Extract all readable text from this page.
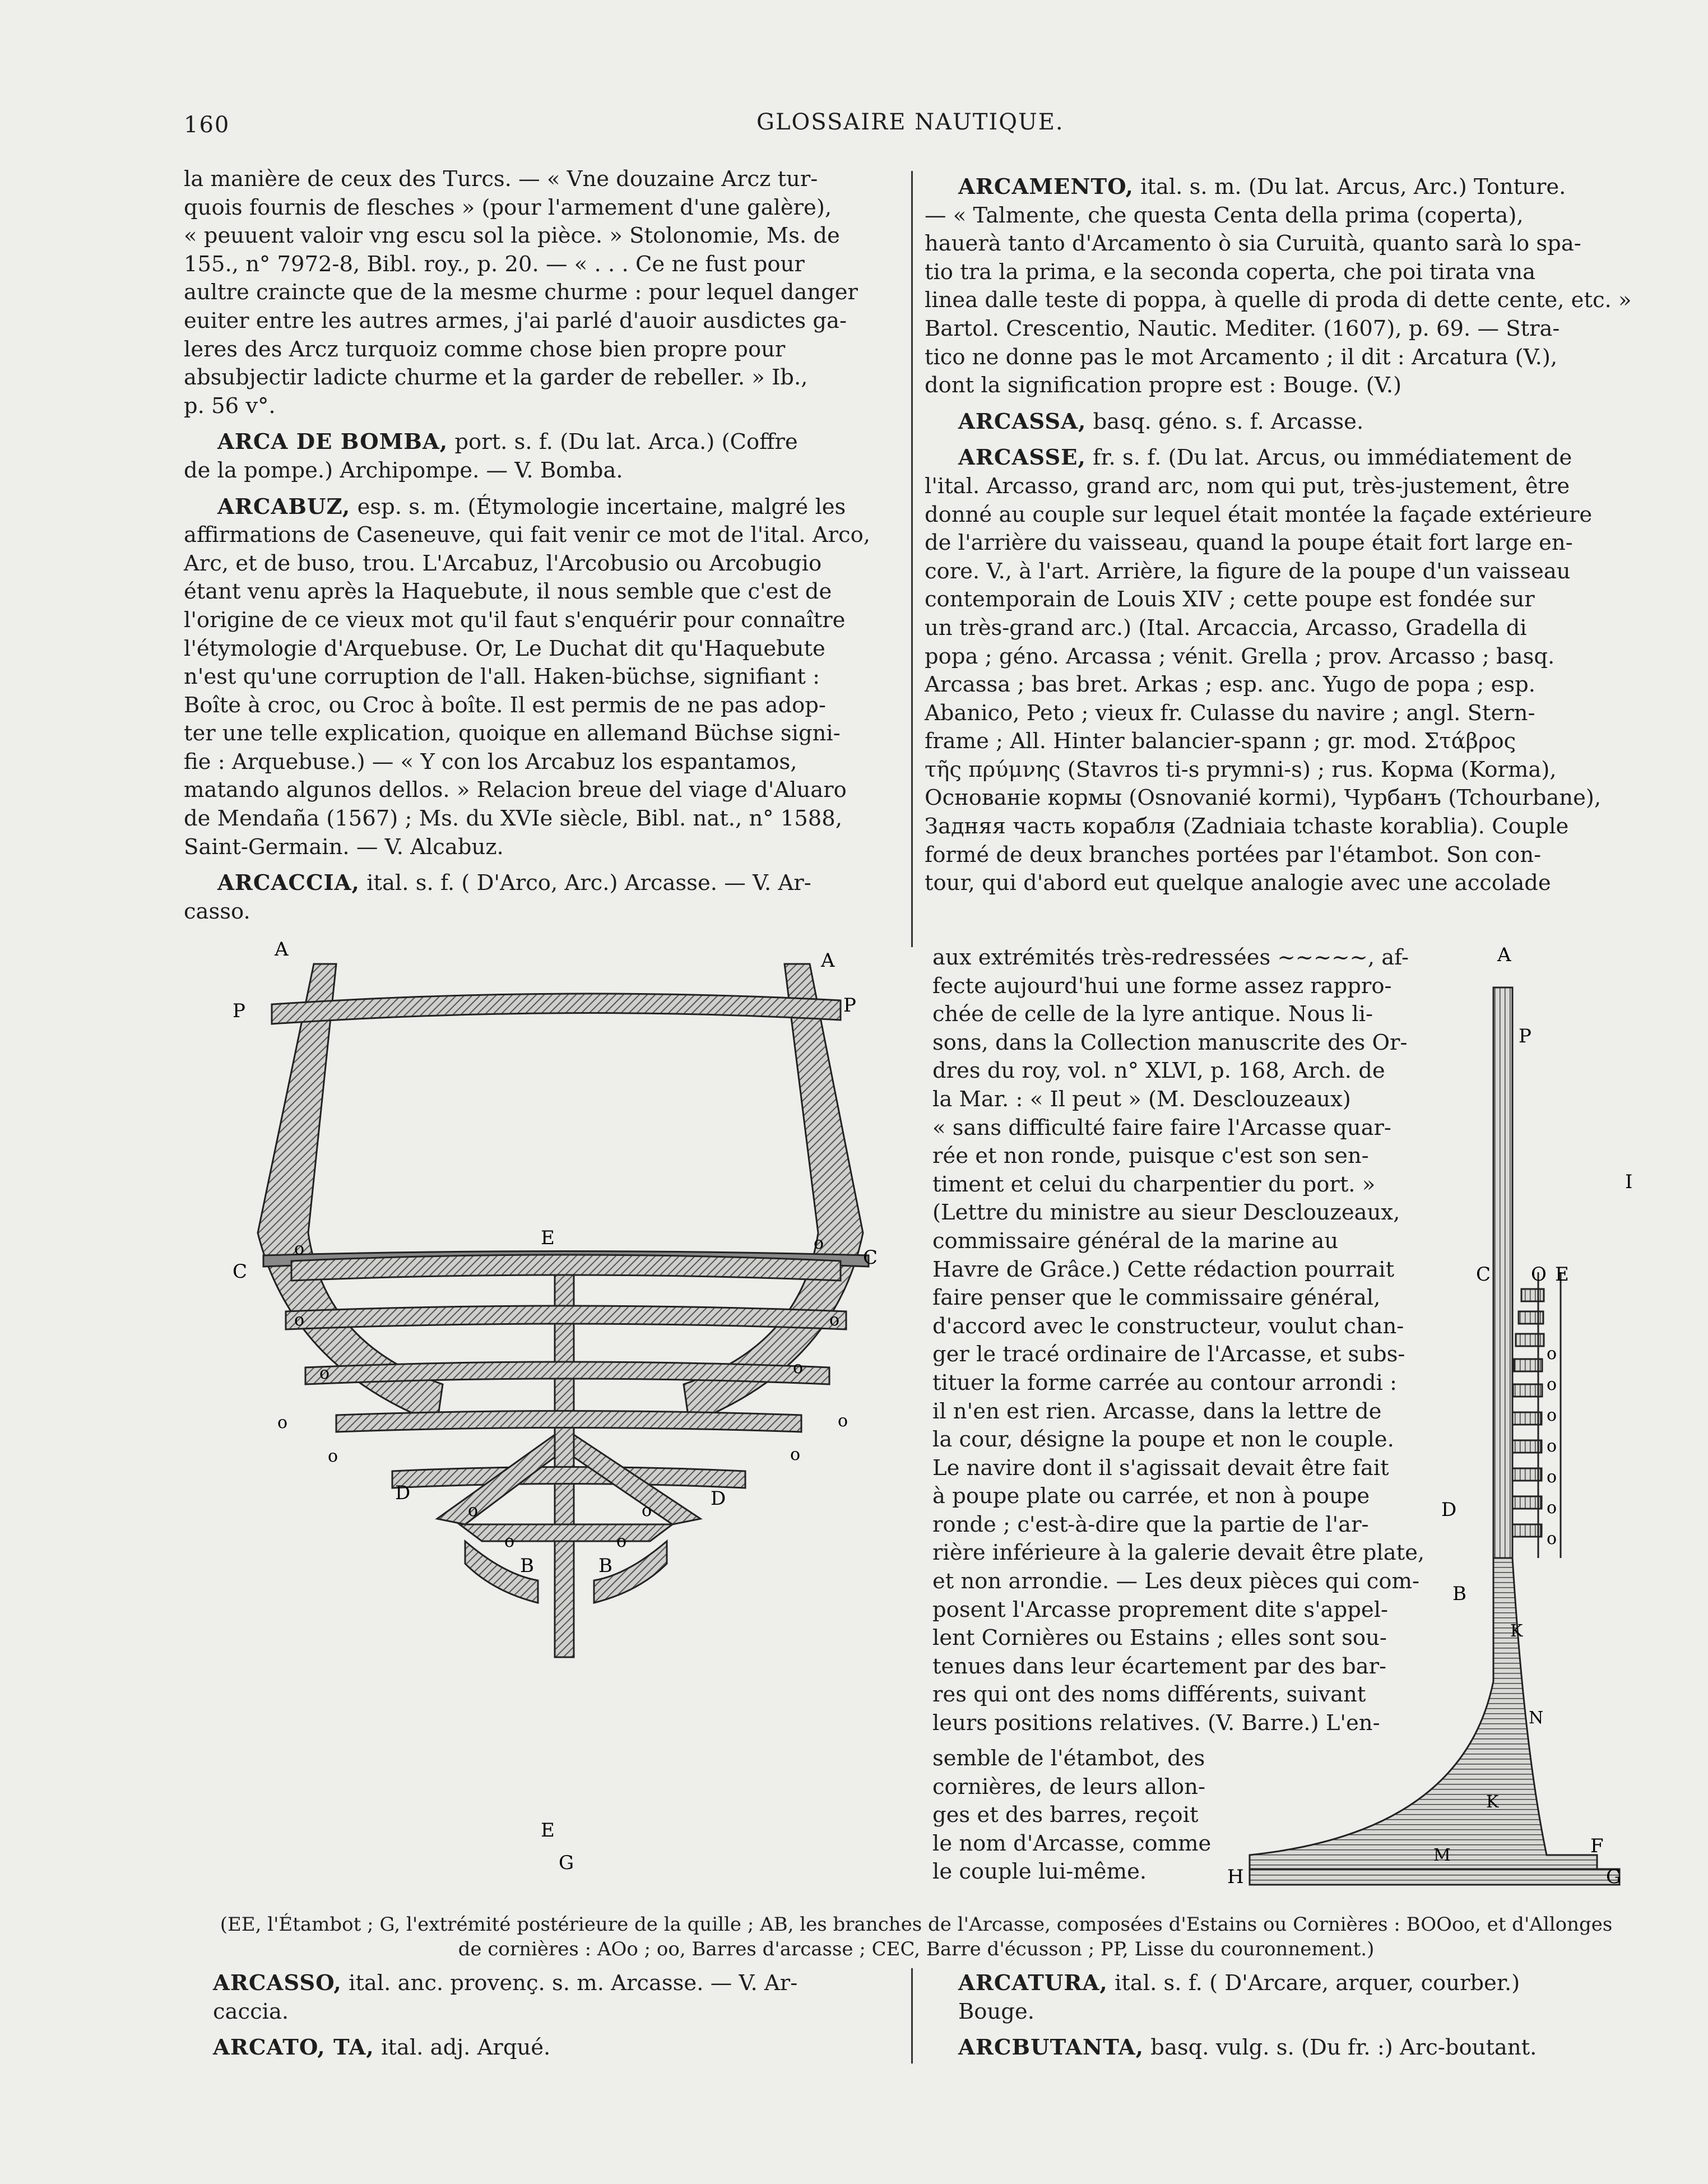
160	GLOSSAIRE NAUTIQUE.

la manière de ceux des Turcs. — « Vne douzaine Arcz tur-

quois fournis de flesches » (pour l'armement d'une galère),

« peuuent valoir vng escu sol la pièce. » Stolonomie, Ms. de

155., n° 7972-8, Bibl. roy., p. 20. — « . . . Ce ne fust pour

aultre craincte que de la mesme churme : pour lequel danger

euiter entre les autres armes, j'ai parlé d'auoir ausdictes ga-

leres des Arcz turquoiz comme chose bien propre pour

absubjectir ladicte churme et la garder de rebeller. » Ib.,

p. 56 v°.

ARCA DE BOMBA, port. s. f. (Du lat. Arca.) (Coffre

de la pompe.) Archipompe. — V. Bomba.

ARCABUZ, esp. s. m. (Étymologie incertaine, malgré les

affirmations de Caseneuve, qui fait venir ce mot de l'ital. Arco,

Arc, et de buso, trou. L'Arcabuz, l'Arcobusio ou Arcobugio

étant venu après la Haquebute, il nous semble que c'est de

l'origine de ce vieux mot qu'il faut s'enquérir pour connaître

l'étymologie d'Arquebuse. Or, Le Duchat dit qu'Haquebute

n'est qu'une corruption de l'all. Haken-büchse, signifiant :

Boîte à croc, ou Croc à boîte. Il est permis de ne pas adop-

ter une telle explication, quoique en allemand Büchse signi-

fie : Arquebuse.) — « Y con los Arcabuz los espantamos,

matando algunos dellos. » Relacion breue del viage d'Aluaro

de Mendaña (1567) ; Ms. du XVIe siècle, Bibl. nat., n° 1588,

Saint-Germain. — V. Alcabuz.

ARCACCIA, ital. s. f. ( D'Arco, Arc.) Arcasse. — V. Ar-

casso.

ARCAMENTO, ital. s. m. (Du lat. Arcus, Arc.) Tonture.

— « Talmente, che questa Centa della prima (coperta),

hauerà tanto d'Arcamento ò sia Curuità, quanto sarà lo spa-

tio tra la prima, e la seconda coperta, che poi tirata vna

linea dalle teste di poppa, à quelle di proda di dette cente, etc. »

Bartol. Crescentio, Nautic. Mediter. (1607), p. 69. — Stra-

tico ne donne pas le mot Arcamento ; il dit : Arcatura (V.),

dont la signification propre est : Bouge. (V.)

ARCASSA, basq. géno. s. f. Arcasse.

ARCASSE, fr. s. f. (Du lat. Arcus, ou immédiatement de

l'ital. Arcasso, grand arc, nom qui put, très-justement, être

donné au couple sur lequel était montée la façade extérieure

de l'arrière du vaisseau, quand la poupe était fort large en-

core. V., à l'art. Arrière, la figure de la poupe d'un vaisseau

contemporain de Louis XIV ; cette poupe est fondée sur

un très-grand arc.) (Ital. Arcaccia, Arcasso, Gradella di

popa ; géno. Arcassa ; vénit. Grella ; prov. Arcasso ; basq.

Arcassa ; bas bret. Arkas ; esp. anc. Yugo de popa ; esp.

Abanico, Peto ; vieux fr. Culasse du navire ; angl. Stern-

frame ; All. Hinter balancier-spann ; gr. mod. Στάβρος

τῆς πρύμνης (Stavros ti-s prymni-s) ; rus. Корма (Korma),

Основанiе кормы (Osnovanié kormi), Чурбанъ (Tchourbane),

Задняя часть корабля (Zadniaia tchaste korablia). Couple

formé de deux branches portées par l'étambot. Son con-

tour, qui d'abord eut quelque analogie avec une accolade

aux extrémités très-redressées ~~~~~, af-

fecte aujourd'hui une forme assez rappro-

chée de celle de la lyre antique. Nous li-

sons, dans la Collection manuscrite des Or-

dres du roy, vol. n° XLVI, p. 168, Arch. de

la Mar. : « Il peut » (M. Desclouzeaux)

« sans difficulté faire faire l'Arcasse quar-

rée et non ronde, puisque c'est son sen-

timent et celui du charpentier du port. »

(Lettre du ministre au sieur Desclouzeaux,

commissaire général de la marine au

Havre de Grâce.) Cette rédaction pourrait

faire penser que le commissaire général,

d'accord avec le constructeur, voulut chan-

ger le tracé ordinaire de l'Arcasse, et subs-

tituer la forme carrée au contour arrondi :

il n'en est rien. Arcasse, dans la lettre de

la cour, désigne la poupe et non le couple.

Le navire dont il s'agissait devait être fait

à poupe plate ou carrée, et non à poupe

ronde ; c'est-à-dire que la partie de l'ar-

rière inférieure à la galerie devait être plate,

et non arrondie. — Les deux pièces qui com-

posent l'Arcasse proprement dite s'appel-

lent Cornières ou Estains ; elles sont sou-

tenues dans leur écartement par des bar-

res qui ont des noms différents, suivant

leurs positions relatives. (V. Barre.) L'en-

semble de l'étambot, des

cornières, de leurs allon-

ges et des barres, reçoit

le nom d'Arcasse, comme

le couple lui-même.

A	A
P	P
C
C
E
E
G
D	D
B	B
o	o
o	o
o	o
o	o
o	o
o	o
o	o
A
P
I
C O E
D
B
K
N
K
M	F
H	G
o
o
o
o
o
o
o
(EE, l'Étambot ; G, l'extrémité postérieure de la quille ; AB, les branches de l'Arcasse, composées d'Estains ou Cornières : BOOoo, et d'Allonges
de cornières : AOo ; oo, Barres d'arcasse ; CEC, Barre d'écusson ; PP, Lisse du couronnement.)

ARCASSO, ital. anc. provenç. s. m. Arcasse. — V. Ar-

caccia.

ARCATO, TA, ital. adj. Arqué.

ARCATURA, ital. s. f. ( D'Arcare, arquer, courber.)

Bouge.

ARCBUTANTA, basq. vulg. s. (Du fr. :) Arc-boutant.
